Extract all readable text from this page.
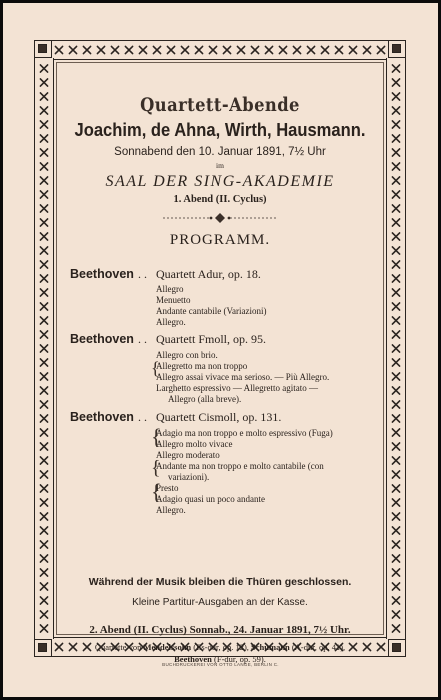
Quartett-Abende
Joachim, de Ahna, Wirth, Hausmann.
Sonnabend den 10. Januar 1891, 7½ Uhr
im
SAAL DER SING-AKADEMIE
1. Abend (II. Cyclus)
PROGRAMM.
Beethoven . . Quartett Adur, op. 18.
Allegro
Menuetto
Andante cantabile (Variazioni)
Allegro.
Beethoven . . Quartett Fmoll, op. 95.
Allegro con brio.
{
Allegretto ma non troppo
Allegro assai vivace ma serioso. — Più Allegro.
Larghetto espressivo — Allegretto agitato —
Allegro (alla breve).
Beethoven . . Quartett Cismoll, op. 131.
{
Adagio ma non troppo e molto espressivo (Fuga)
Allegro molto vivace
Allegro moderato
{
Andante ma non troppo e molto cantabile (con
variazioni).
{
Presto
Adagio quasi un poco andante
Allegro.
Während der Musik bleiben die Thüren geschlossen.
Kleine Partitur-Ausgaben an der Kasse.
2. Abend (II. Cyclus) Sonnab., 24. Januar 1891, 7½ Uhr.
Quartette von Mendelssohn (Es-dur, op. 12), Schumann (A-dur, op. 41),
Beethoven (F-dur, op. 59).
BUCHDRUCKEREI VON OTTO LANGE, BERLIN C.
